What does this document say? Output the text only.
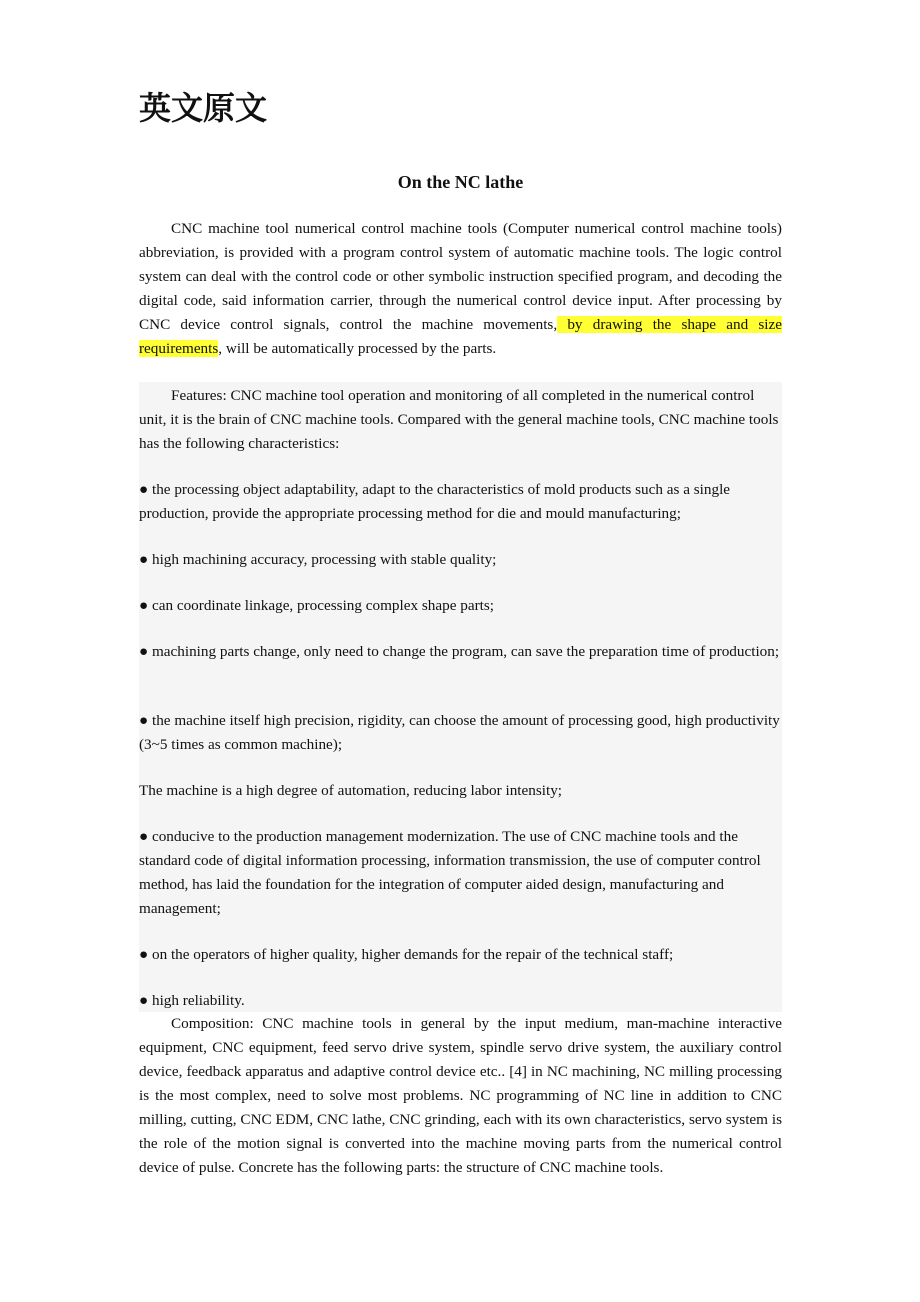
英文原文
On the NC lathe

CNC machine tool numerical control machine tools (Computer numerical control machine tools) abbreviation, is provided with a program control system of automatic machine tools. The logic control system can deal with the control code or other symbolic instruction specified program, and decoding the digital code, said information carrier, through the numerical control device input. After processing by CNC device control signals, control the machine movements, by drawing the shape and size requirements, will be automatically processed by the parts.

Features: CNC machine tool operation and monitoring of all completed in the numerical control unit, it is the brain of CNC machine tools. Compared with the general machine tools, CNC machine tools has the following characteristics:

● the processing object adaptability, adapt to the characteristics of mold products such as a single production, provide the appropriate processing method for die and mould manufacturing;

● high machining accuracy, processing with stable quality;

● can coordinate linkage, processing complex shape parts;

● machining parts change, only need to change the program, can save the preparation time of production;

● the machine itself high precision, rigidity, can choose the amount of processing good, high productivity (3~5 times as common machine);

The machine is a high degree of automation, reducing labor intensity;

● conducive to the production management modernization. The use of CNC machine tools and the standard code of digital information processing, information transmission, the use of computer control method, has laid the foundation for the integration of computer aided design, manufacturing and management;

● on the operators of higher quality, higher demands for the repair of the technical staff;

● high reliability.

Composition: CNC machine tools in general by the input medium, man-machine interactive equipment, CNC equipment, feed servo drive system, spindle servo drive system, the auxiliary control device, feedback apparatus and adaptive control device etc.. [4] in NC machining, NC milling processing is the most complex, need to solve most problems. NC programming of NC line in addition to CNC milling, cutting, CNC EDM, CNC lathe, CNC grinding, each with its own characteristics, servo system is the role of the motion signal is converted into the machine moving parts from the numerical control device of pulse. Concrete has the following parts: the structure of CNC machine tools.
